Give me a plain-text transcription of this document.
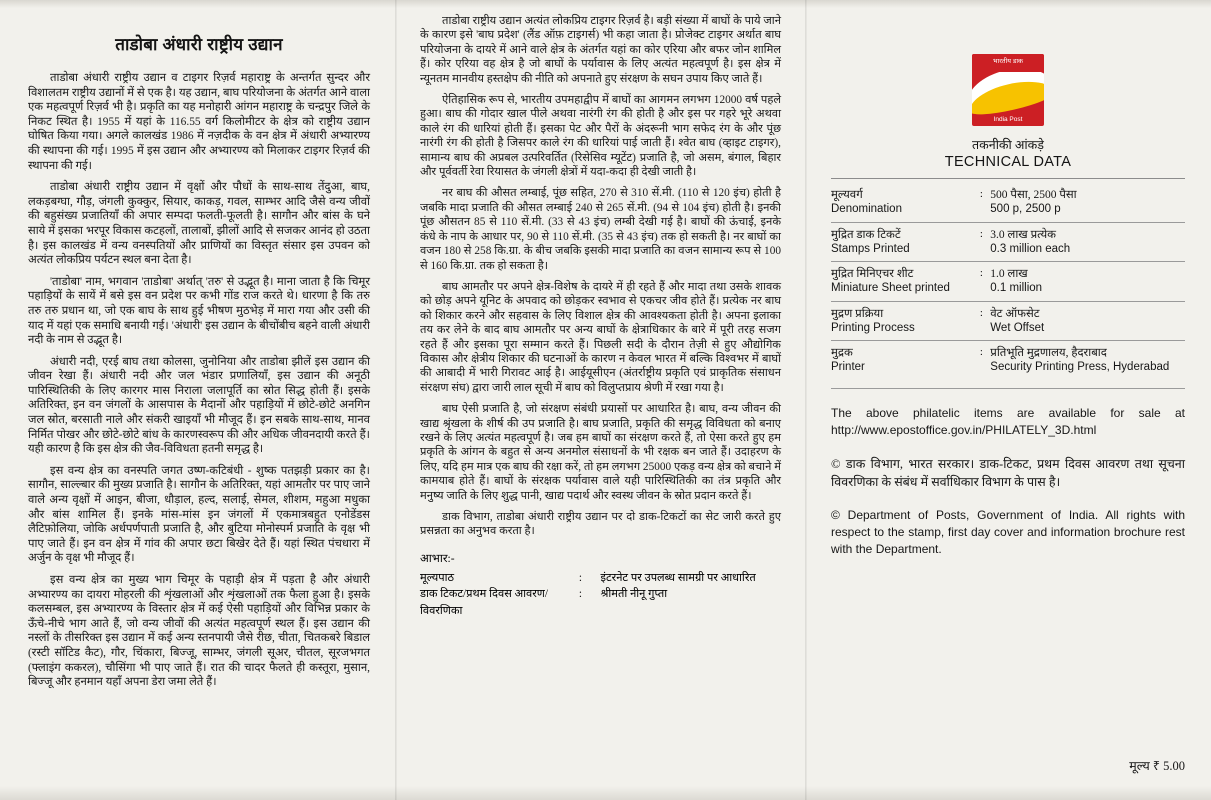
ताडोबा अंधारी राष्ट्रीय उद्यान

ताडोबा अंधारी राष्ट्रीय उद्यान व टाइगर रिज़र्व महाराष्ट्र के अन्तर्गत सुन्दर और विशालतम राष्ट्रीय उद्यानों में से एक है। यह उद्यान, बाघ परियोजना के अंतर्गत आने वाला एक महत्वपूर्ण रिज़र्व भी है। प्रकृति का यह मनोहारी आंगन महाराष्ट्र के चन्द्रपुर जिले के निकट स्थित है। 1955 में यहां के 116.55 वर्ग किलोमीटर के क्षेत्र को राष्ट्रीय उद्यान घोषित किया गया। अगले कालखंड 1986 में नज़दीक के वन क्षेत्र में अंधारी अभ्यारण्य की स्थापना की गई। 1995 में इस उद्यान और अभ्यारण्य को मिलाकर टाइगर रिज़र्व की स्थापना की गई।

ताडोबा अंधारी राष्ट्रीय उद्यान में वृक्षों और पौधों के साथ-साथ तेंदुआ, बाघ, लकड़बग्घा, गौड़, जंगली कुक्कुर, सियार, काकड़, गवल, साम्भर आदि जैसे वन्य जीवों की बहुसंख्य प्रजातियाँ की अपार सम्पदा फलती-फूलती है। सागौन और बांस के घने साये में इसका भरपूर विकास कटहलों, तालाबों, झीलों आदि से सजकर आनंद हो उठता है। इस कालखंड में वन्य वनस्पतियों और प्राणियों का विस्तृत संसार इस उपवन को अत्यंत लोकप्रिय पर्यटन स्थल बना देता है।

'ताडोबा' नाम, भगवान 'ताडोबा' अर्थात् 'तरु' से उद्भूत है। माना जाता है कि चिमूर पहाड़ियों के सायें में बसे इस वन प्रदेश पर कभी गोंड राज करते थे। धारणा है कि तरु तरु तरु प्रधान था, जो एक बाघ के साथ हुई भीषण मुठभेड़ में मारा गया और उसी की याद में यहां एक समाधि बनायी गई। 'अंधारी' इस उद्यान के बीचोंबीच बहने वाली अंधारी नदी के नाम से उद्भूत है।

अंधारी नदी, एरई बाघ तथा कोलसा, जुनोनिया और ताडोबा झीलें इस उद्यान की जीवन रेखा हैं। अंधारी नदी और जल भंडार प्रणालियाँ, इस उद्यान की अनूठी पारिस्थितिकी के लिए कारगर मास निराला जलापूर्ति का स्रोत सिद्ध होती हैं। इसके अतिरिक्त, इन वन जंगलों के आसपास के मैदानों और पहाड़ियों में छोटे-छोटे अनगिन जल स्रोत, बरसाती नाले और संकरी खाइयाँ भी मौजूद हैं। इन सबके साथ-साथ, मानव निर्मित पोखर और छोटे-छोटे बांध के कारणस्वरूप की और अधिक जीवनदायी करते हैं। यही कारण है कि इस क्षेत्र की जैव-विविधता हतनी समृद्ध है।

इस वन्य क्षेत्र का वनस्पति जगत उष्ण-कटिबंधी - शुष्क पतझड़ी प्रकार का है। सागौन, साल्ल्बार की मुख्य प्रजाति है। सागौन के अतिरिक्त, यहां आमतौर पर पाए जाने वाले अन्य वृक्षों में आइन, बीजा, धौड़ाल, हल्द, सलाई, सेमल, शीशम, महुआ मधुका और बांस शामिल हैं। इनके मांस-मांस इन जंगलों में एकमात्रबहुत एनोडेंडस लैटिफ़ोलिया, जोकि अर्धपर्णपाती प्रजाति है, और बुटिया मोनोस्पर्म प्रजाति के वृक्ष भी पाए जाते हैं। इन वन क्षेत्र में गांव की अपार छटा बिखेर देते हैं। यहां स्थित पंचधारा में अर्जुन के वृक्ष भी मौजूद हैं।

इस वन्य क्षेत्र का मुख्य भाग चिमूर के पहाड़ी क्षेत्र में पड़ता है और अंधारी अभ्यारण्य का दायरा मोहरली की शृंखलाओं और शृंखलाओं तक फैला हुआ है। इसके कलसम्बल, इस अभ्यारण्य के विस्तार क्षेत्र में कई ऐसी पहाड़ियों और विभिन्न प्रकार के ऊँचे-नीचे भाग आते हैं, जो वन्य जीवों की अत्यंत महत्वपूर्ण स्थल हैं। इस उद्यान की नस्लों के तीसरिक्त इस उद्यान में कई अन्य स्तनपायी जैसे रीछ, चीता, चितकबरे बिडाल (रस्टी सॉटिड कैट), गौर, चिंकारा, बिज्जू, साम्भर, जंगली सूअर, चीतल, सूरजभगत (फ्लाइंग ककरल), चौसिंगा भी पाए जाते हैं। रात की चादर फैलते ही कस्तूरा, मुसान, बिज्जू और हनमान यहाँ अपना डेरा जमा लेते हैं।

ताडोबा राष्ट्रीय उद्यान अत्यंत लोकप्रिय टाइगर रिज़र्व है। बड़ी संख्या में बाघों के पाये जाने के कारण इसे 'बाघ प्रदेश' (लैंड ऑफ़ टाइगर्स) भी कहा जाता है। प्रोजेक्ट टाइगर अर्थात बाघ परियोजना के दायरे में आने वाले क्षेत्र के अंतर्गत यहां का कोर एरिया और बफर जोन शामिल हैं। कोर एरिया वह क्षेत्र है जो बाघों के पर्यावास के लिए अत्यंत महत्वपूर्ण है। इस क्षेत्र में न्यूनतम मानवीय हस्तक्षेप की नीति को अपनाते हुए संरक्षण के सघन उपाय किए जाते हैं।

ऐतिहासिक रूप से, भारतीय उपमहाद्वीप में बाघों का आगमन लगभग 12000 वर्ष पहले हुआ। बाघ की गोदार खाल पीले अथवा नारंगी रंग की होती है और इस पर गहरे भूरे अथवा काले रंग की धारियां होती हैं। इसका पेट और पैरों के अंदरूनी भाग सफेद रंग के और पूंछ नारंगी रंग की होती है जिसपर काले रंग की धारियां पाई जाती हैं। श्वेत बाघ (व्हाइट टाइगर), सामान्य बाघ की अप्रबल उत्परिवर्तित (रिसेसिव म्यूटेंट) प्रजाति है, जो असम, बंगाल, बिहार और पूर्ववर्ती रेवा रियासत के जंगली क्षेत्रों में यदा-कदा ही देखी जाती है।

नर बाघ की औसत लम्बाई, पूंछ सहित, 270 से 310 सें.मी. (110 से 120 इंच) होती है जबकि मादा प्रजाति की औसत लम्बाई 240 से 265 सें.मी. (94 से 104 इंच) होती है। इनकी पूंछ औसतन 85 से 110 सें.मी. (33 से 43 इंच) लम्बी देखी गई है। बाघों की ऊंचाई, इनके कंधे के नाप के आधार पर, 90 से 110 सें.मी. (35 से 43 इंच) तक हो सकती है। नर बाघों का वजन 180 से 258 कि.ग्रा. के बीच जबकि इसकी मादा प्रजाति का वजन सामान्य रूप से 100 से 160 कि.ग्रा. तक हो सकता है।

बाघ आमतौर पर अपने क्षेत्र-विशेष के दायरे में ही रहते हैं और मादा तथा उसके शावक को छोड़ अपने यूनिट के अपवाद को छोड़कर स्वभाव से एकचर जीव होते हैं। प्रत्येक नर बाघ को शिकार करने और सहवास के लिए विशाल क्षेत्र की आवश्यकता होती है। अपना इलाका तय कर लेने के बाद बाघ आमतौर पर अन्य बाघों के क्षेत्राधिकार के बारे में पूरी तरह सजग रहते हैं और इसका पूरा सम्मान करते हैं। पिछली सदी के दौरान तेज़ी से हुए औद्योगिक विकास और क्षेत्रीय शिकार की घटनाओं के कारण न केवल भारत में बल्कि विश्वभर में बाघों की आबादी में भारी गिरावट आई है। आईयूसीएन (अंतर्राष्ट्रीय प्रकृति एवं प्राकृतिक संसाधन संरक्षण संघ) द्वारा जारी लाल सूची में बाघ को विलुप्तप्राय श्रेणी में रखा गया है।

बाघ ऐसी प्रजाति है, जो संरक्षण संबंधी प्रयासों पर आधारित है। बाघ, वन्य जीवन की खाद्य श्रृंखला के शीर्ष की उप प्रजाति है। बाघ प्रजाति, प्रकृति की समृद्ध विविधता को बनाए रखने के लिए अत्यंत महत्वपूर्ण है। जब हम बाघों का संरक्षण करते हैं, तो ऐसा करते हुए हम प्रकृति के आंगन के बहुत से अन्य अनमोल संसाधनों के भी रक्षक बन जाते हैं। उदाहरण के लिए, यदि हम मात्र एक बाघ की रक्षा करें, तो हम लगभग 25000 एकड़ वन्य क्षेत्र को बचाने में कामयाब होते हैं। बाघों के संरक्षक पर्यावास वाले यही पारिस्थितिकी का तंत्र प्रकृति और मनुष्य जाति के लिए शुद्ध पानी, खाद्य पदार्थ और स्वस्थ जीवन के स्रोत प्रदान करते हैं।

डाक विभाग, ताडोबा अंधारी राष्ट्रीय उद्यान पर दो डाक-टिकटों का सेट जारी करते हुए प्रसन्नता का अनुभव करता है।

आभार:-
मूल्यपाठ	:	इंटरनेट पर उपलब्ध सामग्री पर आधारित
डाक टिकट/प्रथम दिवस आवरण/	:	श्रीमती नीनू गुप्ता
विवरणिका		
भारतीय डाक
India Post
तकनीकी आंकड़े
TECHNICAL DATA
मूल्यवर्ग
Denomination	:	500 पैसा, 2500 पैसा
500 p, 2500 p

मुद्रित डाक टिकटें
Stamps Printed	:	3.0 लाख प्रत्येक
0.3 million each

मुद्रित मिनिएचर शीट
Miniature Sheet printed	:	1.0 लाख
0.1 million

मुद्रण प्रक्रिया
Printing Process	:	वेट ऑफसेट
Wet Offset

मुद्रक
Printer	:	प्रतिभूति मुद्रणालय, हैदराबाद
Security Printing Press, Hyderabad

The above philatelic items are available for sale at http://www.epostoffice.gov.in/PHILATELY_3D.html

© डाक विभाग, भारत सरकार। डाक-टिकट, प्रथम दिवस आवरण तथा सूचना विवरणिका के संबंध में सर्वाधिकार विभाग के पास है।

© Department of Posts, Government of India. All rights with respect to the stamp, first day cover and information brochure rest with the Department.

मूल्य ₹ 5.00
